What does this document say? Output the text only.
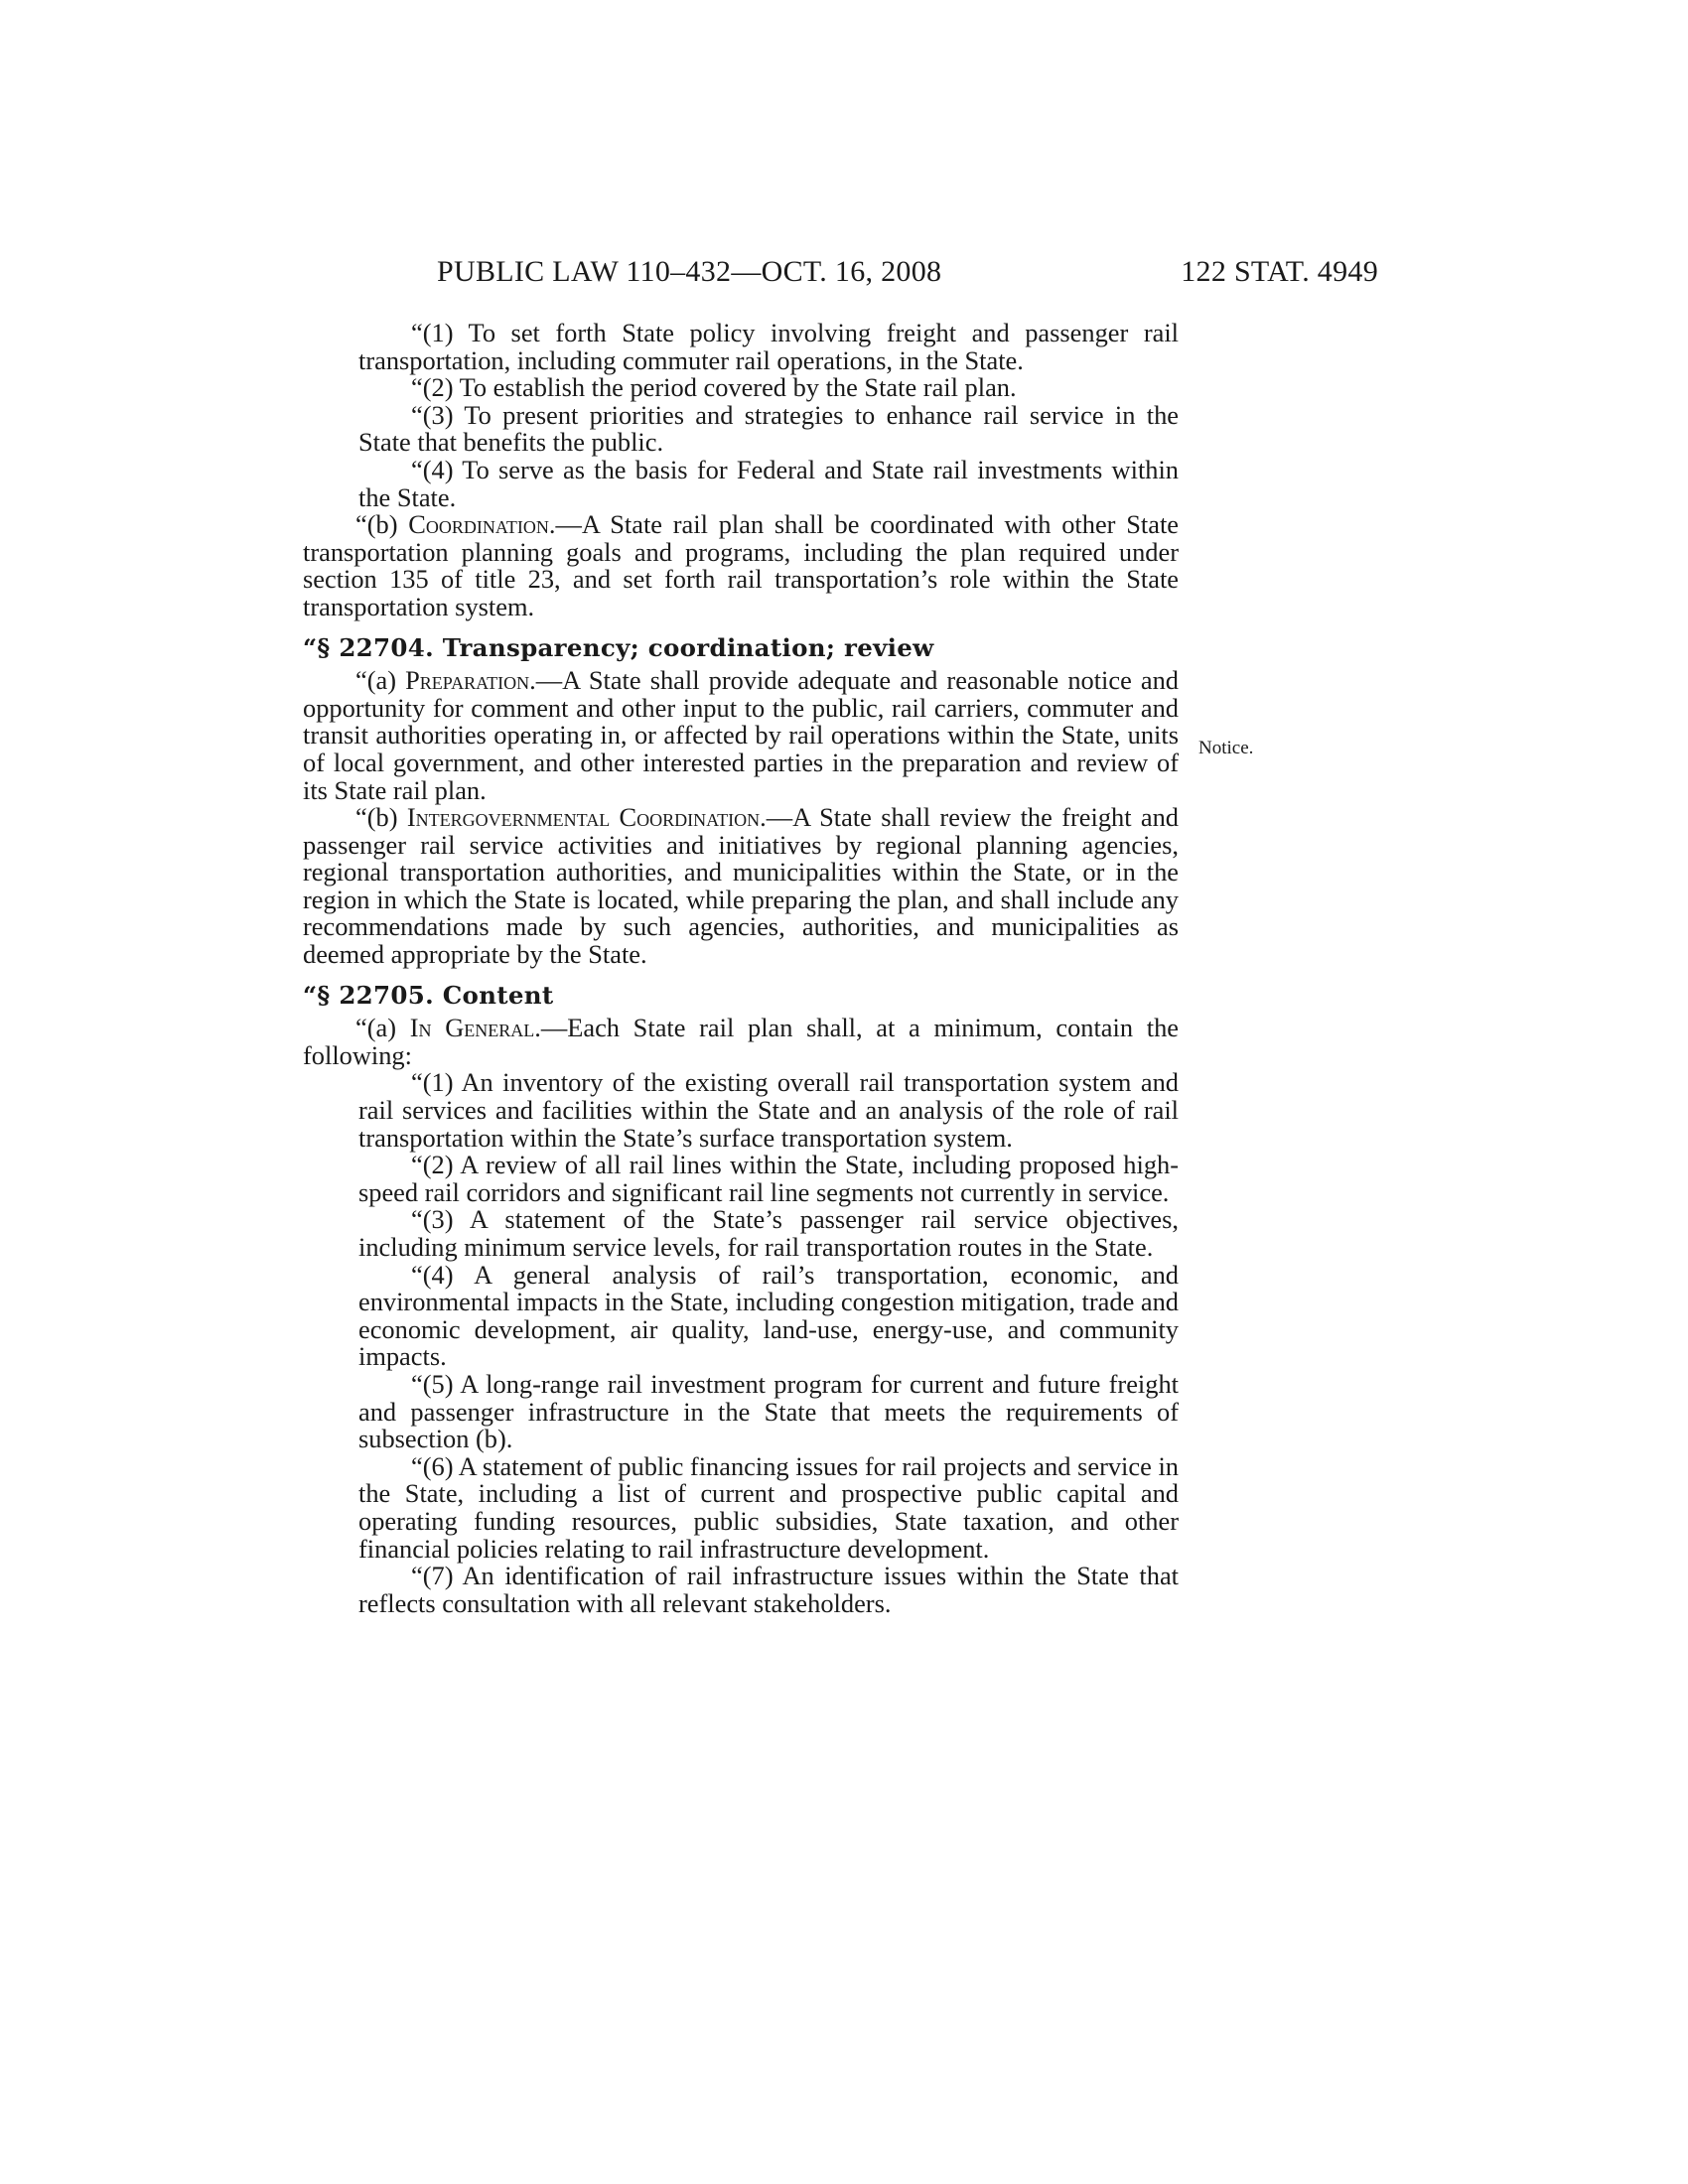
PUBLIC LAW 110–432—OCT. 16, 2008	122 STAT. 4949
Notice.

“(1) To set forth State policy involving freight and passenger rail transportation, including commuter rail operations, in the State.

“(2) To establish the period covered by the State rail plan.

“(3) To present priorities and strategies to enhance rail service in the State that benefits the public.

“(4) To serve as the basis for Federal and State rail investments within the State.

“(b) Coordination.—A State rail plan shall be coordinated with other State transportation planning goals and programs, including the plan required under section 135 of title 23, and set forth rail transportation’s role within the State transportation system.

“§ 22704. Transparency; coordination; review

“(a) Preparation.—A State shall provide adequate and reasonable notice and opportunity for comment and other input to the public, rail carriers, commuter and transit authorities operating in, or affected by rail operations within the State, units of local government, and other interested parties in the preparation and review of its State rail plan.

“(b) Intergovernmental Coordination.—A State shall review the freight and passenger rail service activities and initiatives by regional planning agencies, regional transportation authorities, and municipalities within the State, or in the region in which the State is located, while preparing the plan, and shall include any recommendations made by such agencies, authorities, and municipalities as deemed appropriate by the State.

“§ 22705. Content

“(a) In General.—Each State rail plan shall, at a minimum, contain the following:

“(1) An inventory of the existing overall rail transportation system and rail services and facilities within the State and an analysis of the role of rail transportation within the State’s surface transportation system.

“(2) A review of all rail lines within the State, including proposed high-speed rail corridors and significant rail line segments not currently in service.

“(3) A statement of the State’s passenger rail service objectives, including minimum service levels, for rail transportation routes in the State.

“(4) A general analysis of rail’s transportation, economic, and environmental impacts in the State, including congestion mitigation, trade and economic development, air quality, land-use, energy-use, and community impacts.

“(5) A long-range rail investment program for current and future freight and passenger infrastructure in the State that meets the requirements of subsection (b).

“(6) A statement of public financing issues for rail projects and service in the State, including a list of current and prospective public capital and operating funding resources, public subsidies, State taxation, and other financial policies relating to rail infrastructure development.

“(7) An identification of rail infrastructure issues within the State that reflects consultation with all relevant stakeholders.
